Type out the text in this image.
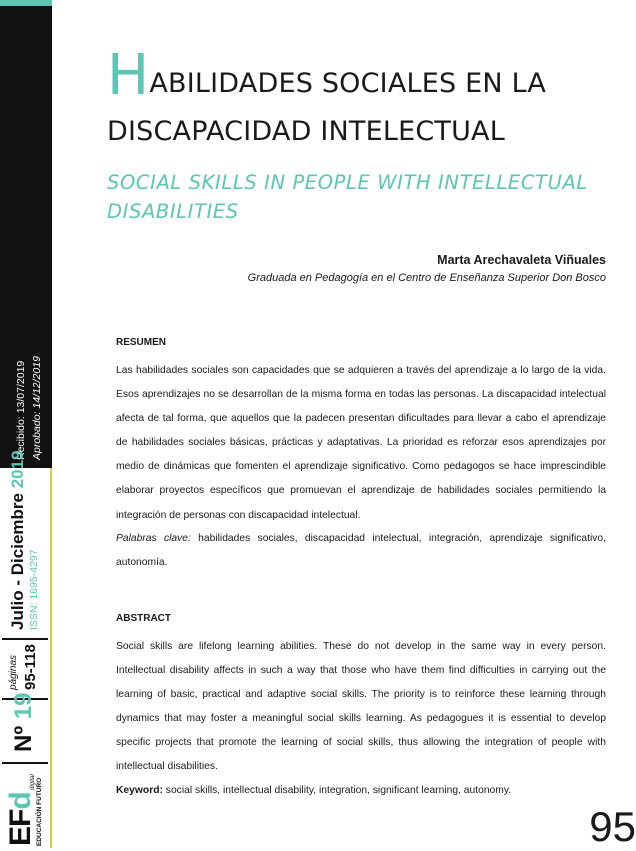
Recibido: 13/07/2019 Aprobado: 14/12/2019
Julio - Diciembre 2019
ISSN: 1695-4297
páginas 95-118
Nº 19
EFd
digital EDUCACIÓN FUTURO
HABILIDADES SOCIALES EN LA
DISCAPACIDAD INTELECTUAL
SOCIAL SKILLS IN PEOPLE WITH INTELLECTUAL
DISABILITIES
Marta Arechavaleta Viñuales
Graduada en Pedagogía en el Centro de Enseñanza Superior Don Bosco
RESUMEN
Las habilidades sociales son capacidades que se adquieren a través del aprendizaje a lo largo de la vida. Esos aprendizajes no se desarrollan de la misma forma en todas las personas. La discapacidad intelectual afecta de tal forma, que aquellos que la padecen presentan dificultades para llevar a cabo el aprendizaje de habilidades sociales básicas, prácticas y adaptativas. La prioridad es reforzar esos aprendizajes por medio de dinámicas que fomenten el aprendizaje significativo. Como pedagogos se hace imprescindible elaborar proyectos específicos que promuevan el aprendizaje de habilidades sociales permitiendo la integración de personas con discapacidad intelectual.
Palabras clave: habilidades sociales, discapacidad intelectual, integración, aprendizaje significativo, autonomía.
ABSTRACT
Social skills are lifelong learning abilities. These do not develop in the same way in every person. Intellectual disability affects in such a way that those who have them find difficulties in carrying out the learning of basic, practical and adaptive social skills. The priority is to reinforce these learning through dynamics that may foster a meaningful social skills learning. As pedagogues it is essential to develop specific projects that promote the learning of social skills, thus allowing the integration of people with intellectual disabilities.
Keyword: social skills, intellectual disability, integration, significant learning, autonomy.
95
